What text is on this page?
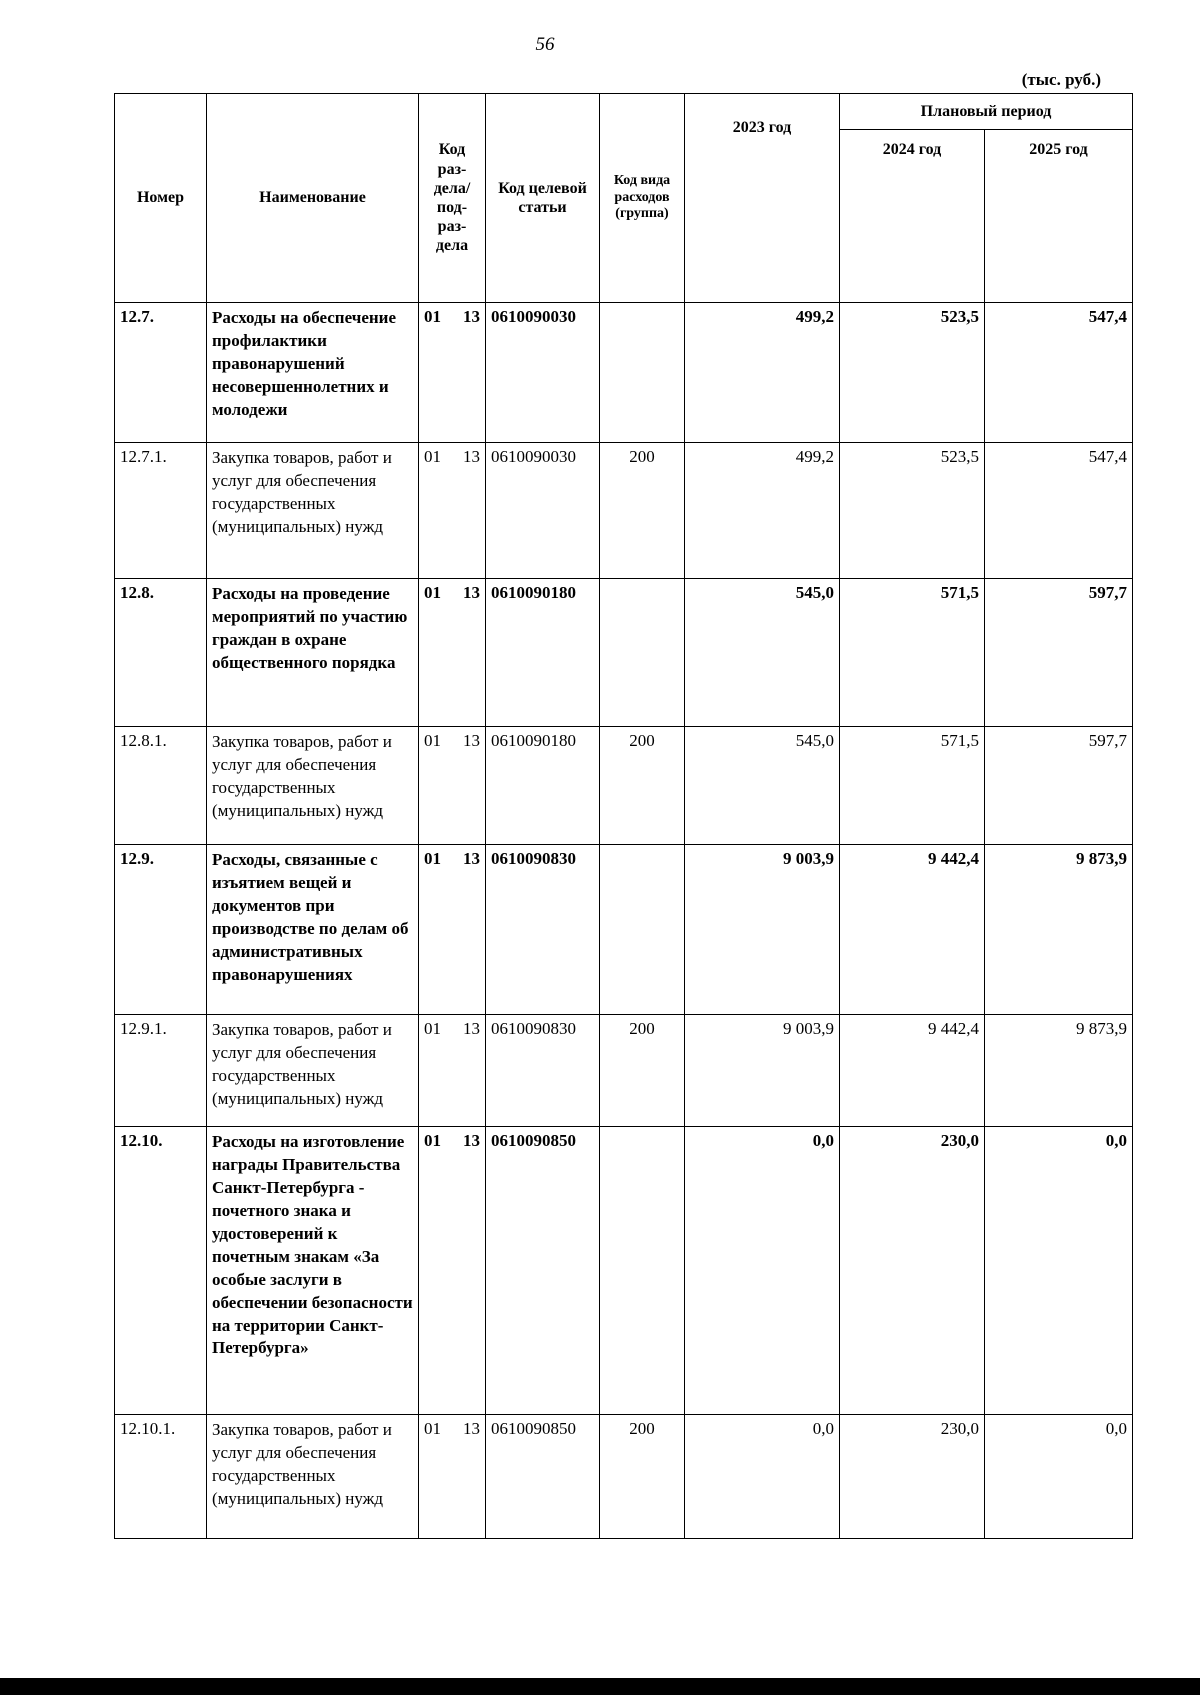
56
(тыс. руб.)
Номер	Наименование	Код раз-дела/ под-раз-дела	Код целевой статьи	Код вида расходов (группа)	2023 год	Плановый период	
						2024 год	2025 год
12.7.	Расходы на обеспечение профилактики правонарушений несовершеннолетних и молодежи	01 13	0610090030		499,2	523,5	547,4
12.7.1.	Закупка товаров, работ и услуг для обеспечения государственных (муниципальных) нужд	01 13	0610090030	200	499,2	523,5	547,4
12.8.	Расходы на проведение мероприятий по участию граждан в охране общественного порядка	01 13	0610090180		545,0	571,5	597,7
12.8.1.	Закупка товаров, работ и услуг для обеспечения государственных (муниципальных) нужд	01 13	0610090180	200	545,0	571,5	597,7
12.9.	Расходы, связанные с изъятием вещей и документов при производстве по делам об административных правонарушениях	01 13	0610090830		9 003,9	9 442,4	9 873,9
12.9.1.	Закупка товаров, работ и услуг для обеспечения государственных (муниципальных) нужд	01 13	0610090830	200	9 003,9	9 442,4	9 873,9
12.10.	Расходы на изготовление награды Правительства Санкт-Петербурга - почетного знака и удостоверений к почетным знакам «За особые заслуги в обеспечении безопасности на территории Санкт-Петербурга»	01 13	0610090850		0,0	230,0	0,0
12.10.1.	Закупка товаров, работ и услуг для обеспечения государственных (муниципальных) нужд	01 13	0610090850	200	0,0	230,0	0,0
